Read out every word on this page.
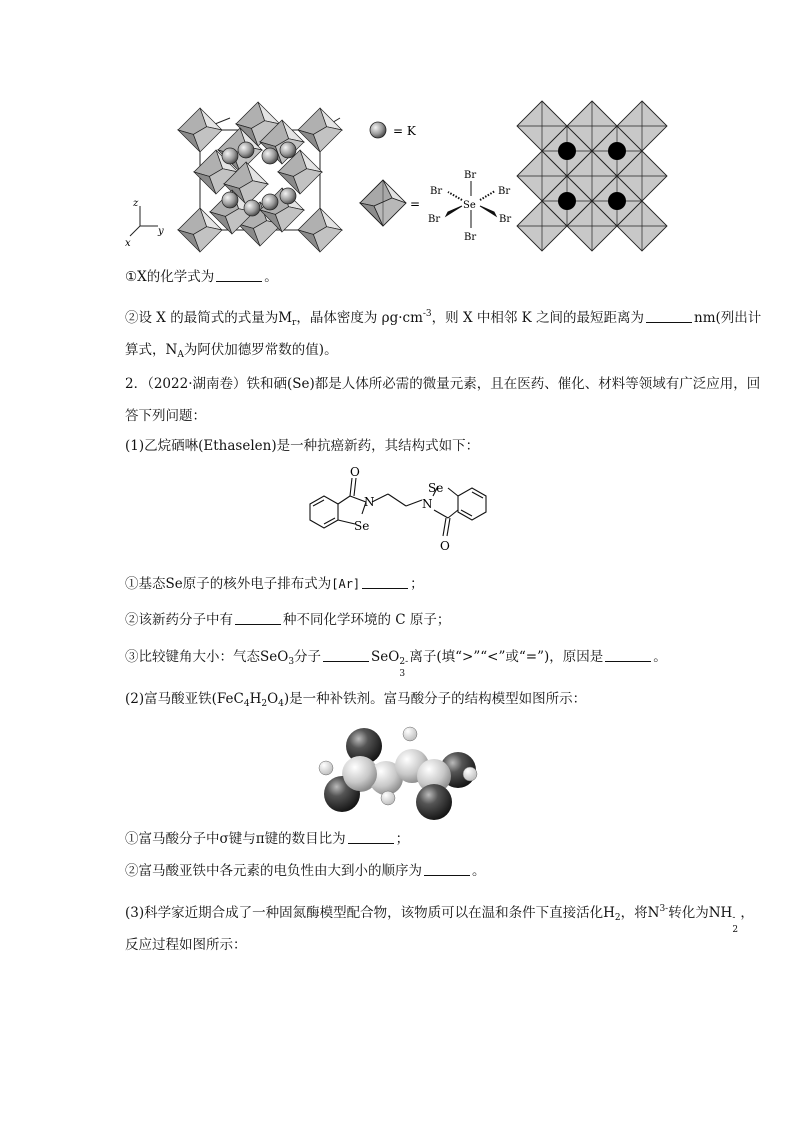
z
y
x
= K
=	Se
Br
Br
Br	Br
Br	Br
①X的化学式为	。
②设 X 的最简式的式量为$M_r$，晶体密度为 $\rho g\cdot cm^{-3}$，则 X 中相邻 K 之间的最短距离为	nm(列出计
算式，$N_A$为阿伏加德罗常数的值)。
2．（2022·湖南卷）铁和硒(Se)都是人体所必需的微量元素，且在医药、催化、材料等领域有广泛应用，回
答下列问题：
(1)乙烷硒啉(Ethaselen)是一种抗癌新药，其结构式如下：
O
N
Se
Se
N
O
①基态Se原子的核外电子排布式为[Ar]	；
②该新药分子中有	种不同化学环境的 C 原子；
③比较键角大小：气态SeO$_3$分子	SeO 2-
3
离子(填“>”“<”或“=”)，原因是	。
(2)富马酸亚铁$(FeC_4H_2O_4)$是一种补铁剂。富马酸分子的结构模型如图所示：
①富马酸分子中σ键与π键的数目比为	；
②富马酸亚铁中各元素的电负性由大到小的顺序为	。
(3)科学家近期合成了一种固氮酶模型配合物，该物质可以在温和条件下直接活化$H_2$，将$N^{3-}$转化为NH -
2
，
反应过程如图所示：
